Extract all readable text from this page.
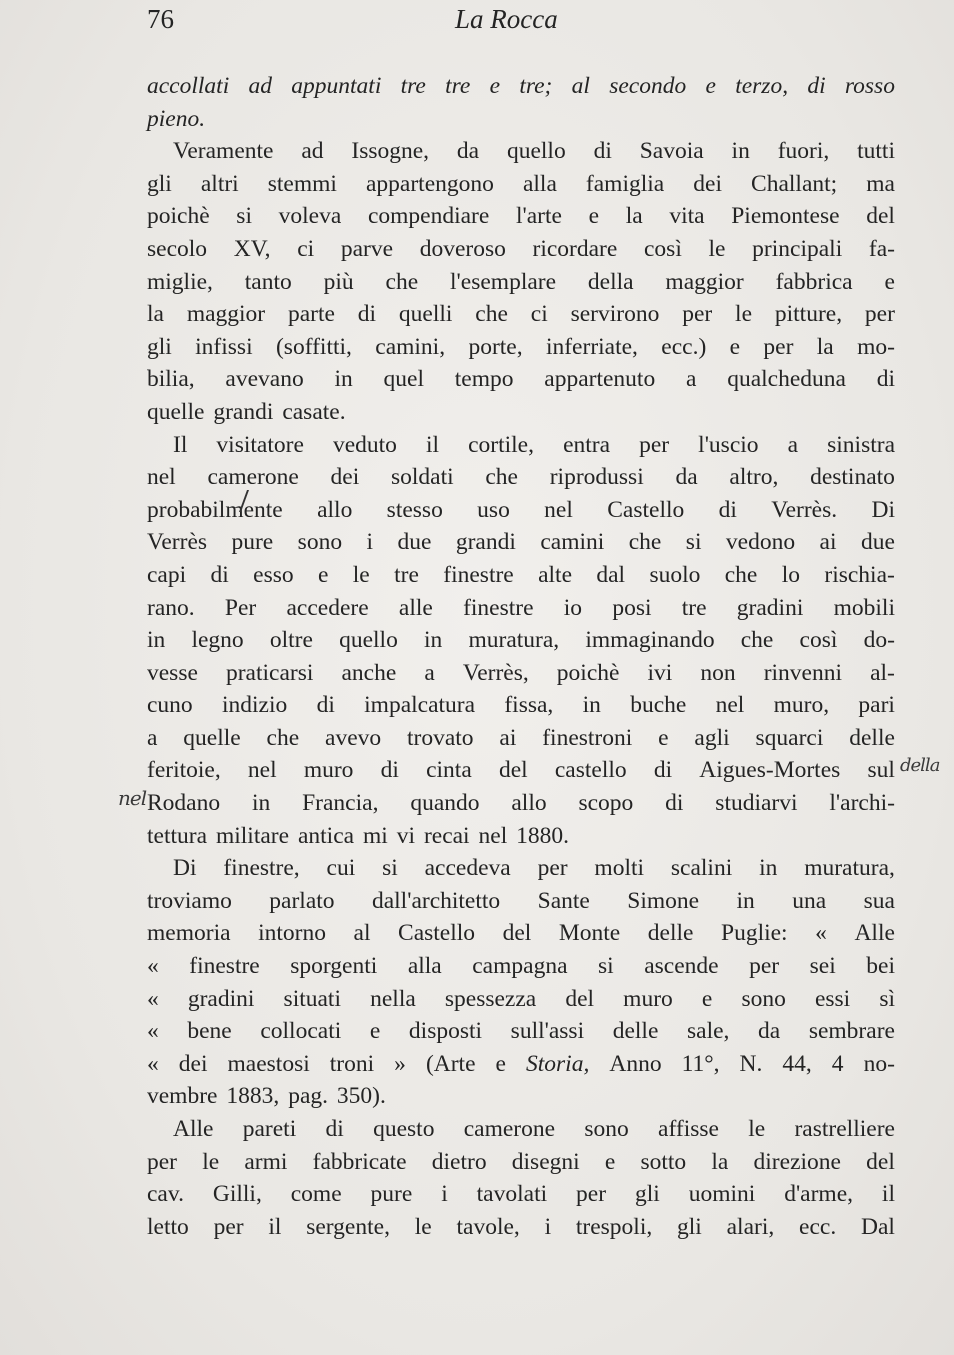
76	La Rocca
accollati ad appuntati tre tre e tre; al secondo e terzo, di rosso
pieno.
Veramente ad Issogne, da quello di Savoia in fuori, tutti
gli altri stemmi appartengono alla famiglia dei Challant; ma
poichè si voleva compendiare l'arte e la vita Piemontese del
secolo XV, ci parve doveroso ricordare così le principali fa-
miglie, tanto più che l'esemplare della maggior fabbrica e
la maggior parte di quelli che ci servirono per le pitture, per
gli infissi (soffitti, camini, porte, inferriate, ecc.) e per la mo-
bilia, avevano in quel tempo appartenuto a qualcheduna di
quelle grandi casate.
Il visitatore veduto il cortile, entra per l'uscio a sinistra
nel camerone dei soldati che riprodussi da altro, destinato
probabilmente allo stesso uso nel Castello di Verrès. Di
Verrès pure sono i due grandi camini che si vedono ai due
capi di esso e le tre finestre alte dal suolo che lo rischia-
rano. Per accedere alle finestre io posi tre gradini mobili
in legno oltre quello in muratura, immaginando che così do-
vesse praticarsi anche a Verrès, poichè ivi non rinvenni al-
cuno indizio di impalcatura fissa, in buche nel muro, pari
a quelle che avevo trovato ai finestroni e agli squarci delle
feritoie, nel muro di cinta del castello di Aigues-Mortes sul
Rodano in Francia, quando allo scopo di studiarvi l'archi-
tettura militare antica mi vi recai nel 1880.
Di finestre, cui si accedeva per molti scalini in muratura,
troviamo parlato dall'architetto Sante Simone in una sua
memoria intorno al Castello del Monte delle Puglie: « Alle
« finestre sporgenti alla campagna si ascende per sei bei
« gradini situati nella spessezza del muro e sono essi sì
« bene collocati e disposti sull'assi delle sale, da sembrare
« dei maestosi troni » (Arte e Storia, Anno 11°, N. 44, 4 no-
vembre 1883, pag. 350).
Alle pareti di questo camerone sono affisse le rastrelliere
per le armi fabbricate dietro disegni e sotto la direzione del
cav. Gilli, come pure i tavolati per gli uomini d'arme, il
letto per il sergente, le tavole, i trespoli, gli alari, ecc. Dal
nel
della
